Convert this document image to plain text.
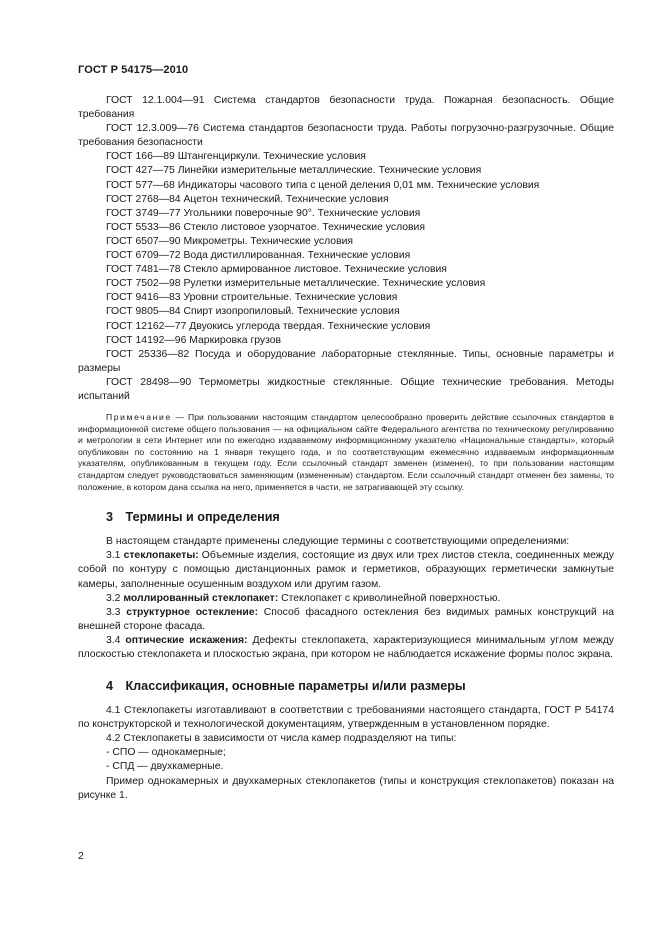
ГОСТ Р 54175—2010

ГОСТ 12.1.004—91 Система стандартов безопасности труда. Пожарная безопасность. Общие требования

ГОСТ 12.3.009—76 Система стандартов безопасности труда. Работы погрузочно-разгрузочные. Общие требования безопасности

ГОСТ 166—89 Штангенциркули. Технические условия

ГОСТ 427—75 Линейки измерительные металлические. Технические условия

ГОСТ 577—68 Индикаторы часового типа с ценой деления 0,01 мм. Технические условия

ГОСТ 2768—84 Ацетон технический. Технические условия

ГОСТ 3749—77 Угольники поверочные 90°. Технические условия

ГОСТ 5533—86 Стекло листовое узорчатое. Технические условия

ГОСТ 6507—90 Микрометры. Технические условия

ГОСТ 6709—72 Вода дистиллированная. Технические условия

ГОСТ 7481—78 Стекло армированное листовое. Технические условия

ГОСТ 7502—98 Рулетки измерительные металлические. Технические условия

ГОСТ 9416—83 Уровни строительные. Технические условия

ГОСТ 9805—84 Спирт изопропиловый. Технические условия

ГОСТ 12162—77 Двуокись углерода твердая. Технические условия

ГОСТ 14192—96 Маркировка грузов

ГОСТ 25336—82 Посуда и оборудование лабораторные стеклянные. Типы, основные параметры и размеры

ГОСТ 28498—90 Термометры жидкостные стеклянные. Общие технические требования. Методы испытаний

Примечание — При пользовании настоящим стандартом целесообразно проверить действие ссылочных стандартов в информационной системе общего пользования — на официальном сайте Федерального агентства по техническому регулированию и метрологии в сети Интернет или по ежегодно издаваемому информационному указателю «Национальные стандарты», который опубликован по состоянию на 1 января текущего года, и по соответствующим ежемесячно издаваемым информационным указателям, опубликованным в текущем году. Если ссылочный стандарт заменен (изменен), то при пользовании настоящим стандартом следует руководствоваться заменяющим (измененным) стандартом. Если ссылочный стандарт отменен без замены, то положение, в котором дана ссылка на него, применяется в части, не затрагивающей эту ссылку.

3 Термины и определения

В настоящем стандарте применены следующие термины с соответствующими определениями:

3.1 стеклопакеты: Объемные изделия, состоящие из двух или трех листов стекла, соединенных между собой по контуру с помощью дистанционных рамок и герметиков, образующих герметически замкнутые камеры, заполненные осушенным воздухом или другим газом.

3.2 моллированный стеклопакет: Стеклопакет с криволинейной поверхностью.

3.3 структурное остекление: Способ фасадного остекления без видимых рамных конструкций на внешней стороне фасада.

3.4 оптические искажения: Дефекты стеклопакета, характеризующиеся минимальным углом между плоскостью стеклопакета и плоскостью экрана, при котором не наблюдается искажение формы полос экрана.

4 Классификация, основные параметры и/или размеры

4.1 Стеклопакеты изготавливают в соответствии с требованиями настоящего стандарта, ГОСТ Р 54174 по конструкторской и технологической документациям, утвержденным в установленном порядке.

4.2 Стеклопакеты в зависимости от числа камер подразделяют на типы:

- СПО — однокамерные;

- СПД — двухкамерные.

Пример однокамерных и двухкамерных стеклопакетов (типы и конструкция стеклопакетов) показан на рисунке 1.

2
